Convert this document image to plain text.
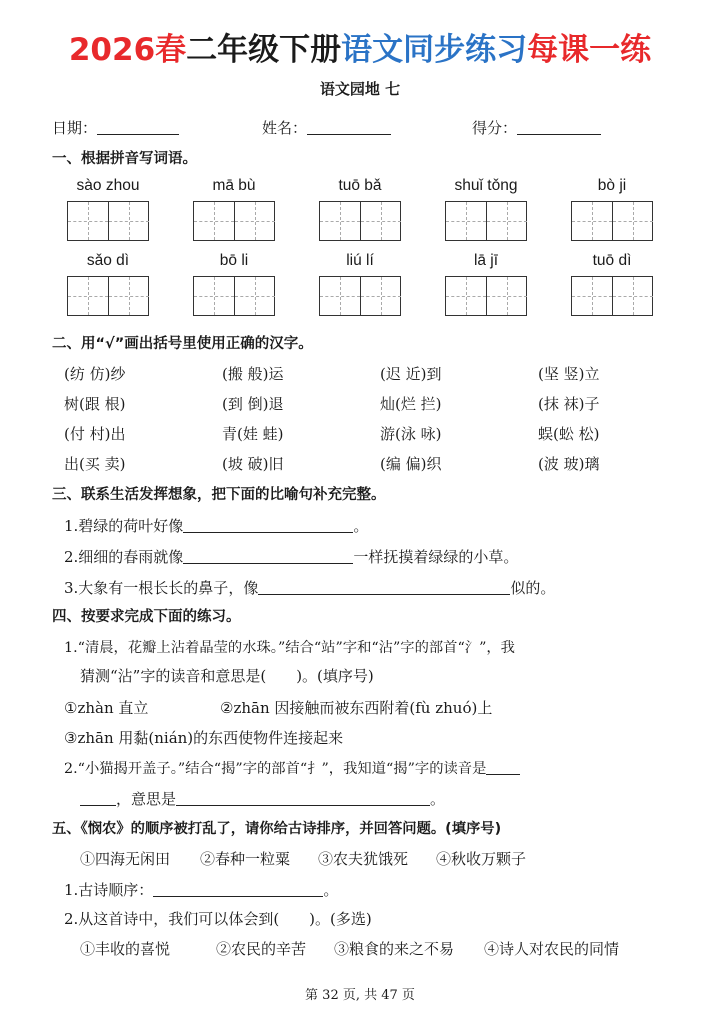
2026春二年级下册语文同步练习每课一练
语文园地 七
日期：	姓名：	得分：
一、根据拼音写词语。
sào zhou	mā bù	tuō bǎ	shuǐ tǒng	bò ji
sǎo dì	bō li	liú lí	lā jī	tuō dì
二、用“√”画出括号里使用正确的汉字。
(纺 仿)纱	(搬 般)运	(迟 近)到	(坚 竖)立
树(跟 根)	(到 倒)退	灿(烂 拦)	(抹 袜)子
(付 村)出	青(娃 蛙)	游(泳 咏)	蜈(蚣 松)
出(买 卖)	(坡 破)旧	(编 偏)织	(波 玻)璃
三、联系生活发挥想象，把下面的比喻句补充完整。
1.碧绿的荷叶好像	。
2.细细的春雨就像	一样抚摸着绿绿的小草。
3.大象有一根长长的鼻子，像	似的。
四、按要求完成下面的练习。
1.“清晨，花瓣上沾着晶莹的水珠。”结合“站”字和“沾”字的部首“氵”，我
猜测“沾”字的读音和意思是(　　)。(填序号)
①zhàn 直立	②zhān 因接触而被东西附着(fù zhuó)上
③zhān 用黏(nián)的东西使物件连接起来
2.“小猫揭开盖子。”结合“揭”字的部首“扌”，我知道“揭”字的读音是
，意思是	。
五、《悯农》的顺序被打乱了，请你给古诗排序，并回答问题。(填序号)
①四海无闲田 ②春种一粒粟 ③农夫犹饿死 ④秋收万颗子
1.古诗顺序：	。
2.从这首诗中，我们可以体会到(　　)。(多选)
①丰收的喜悦	②农民的辛苦 ③粮食的来之不易 ④诗人对农民的同情
第 32 页, 共 47 页
